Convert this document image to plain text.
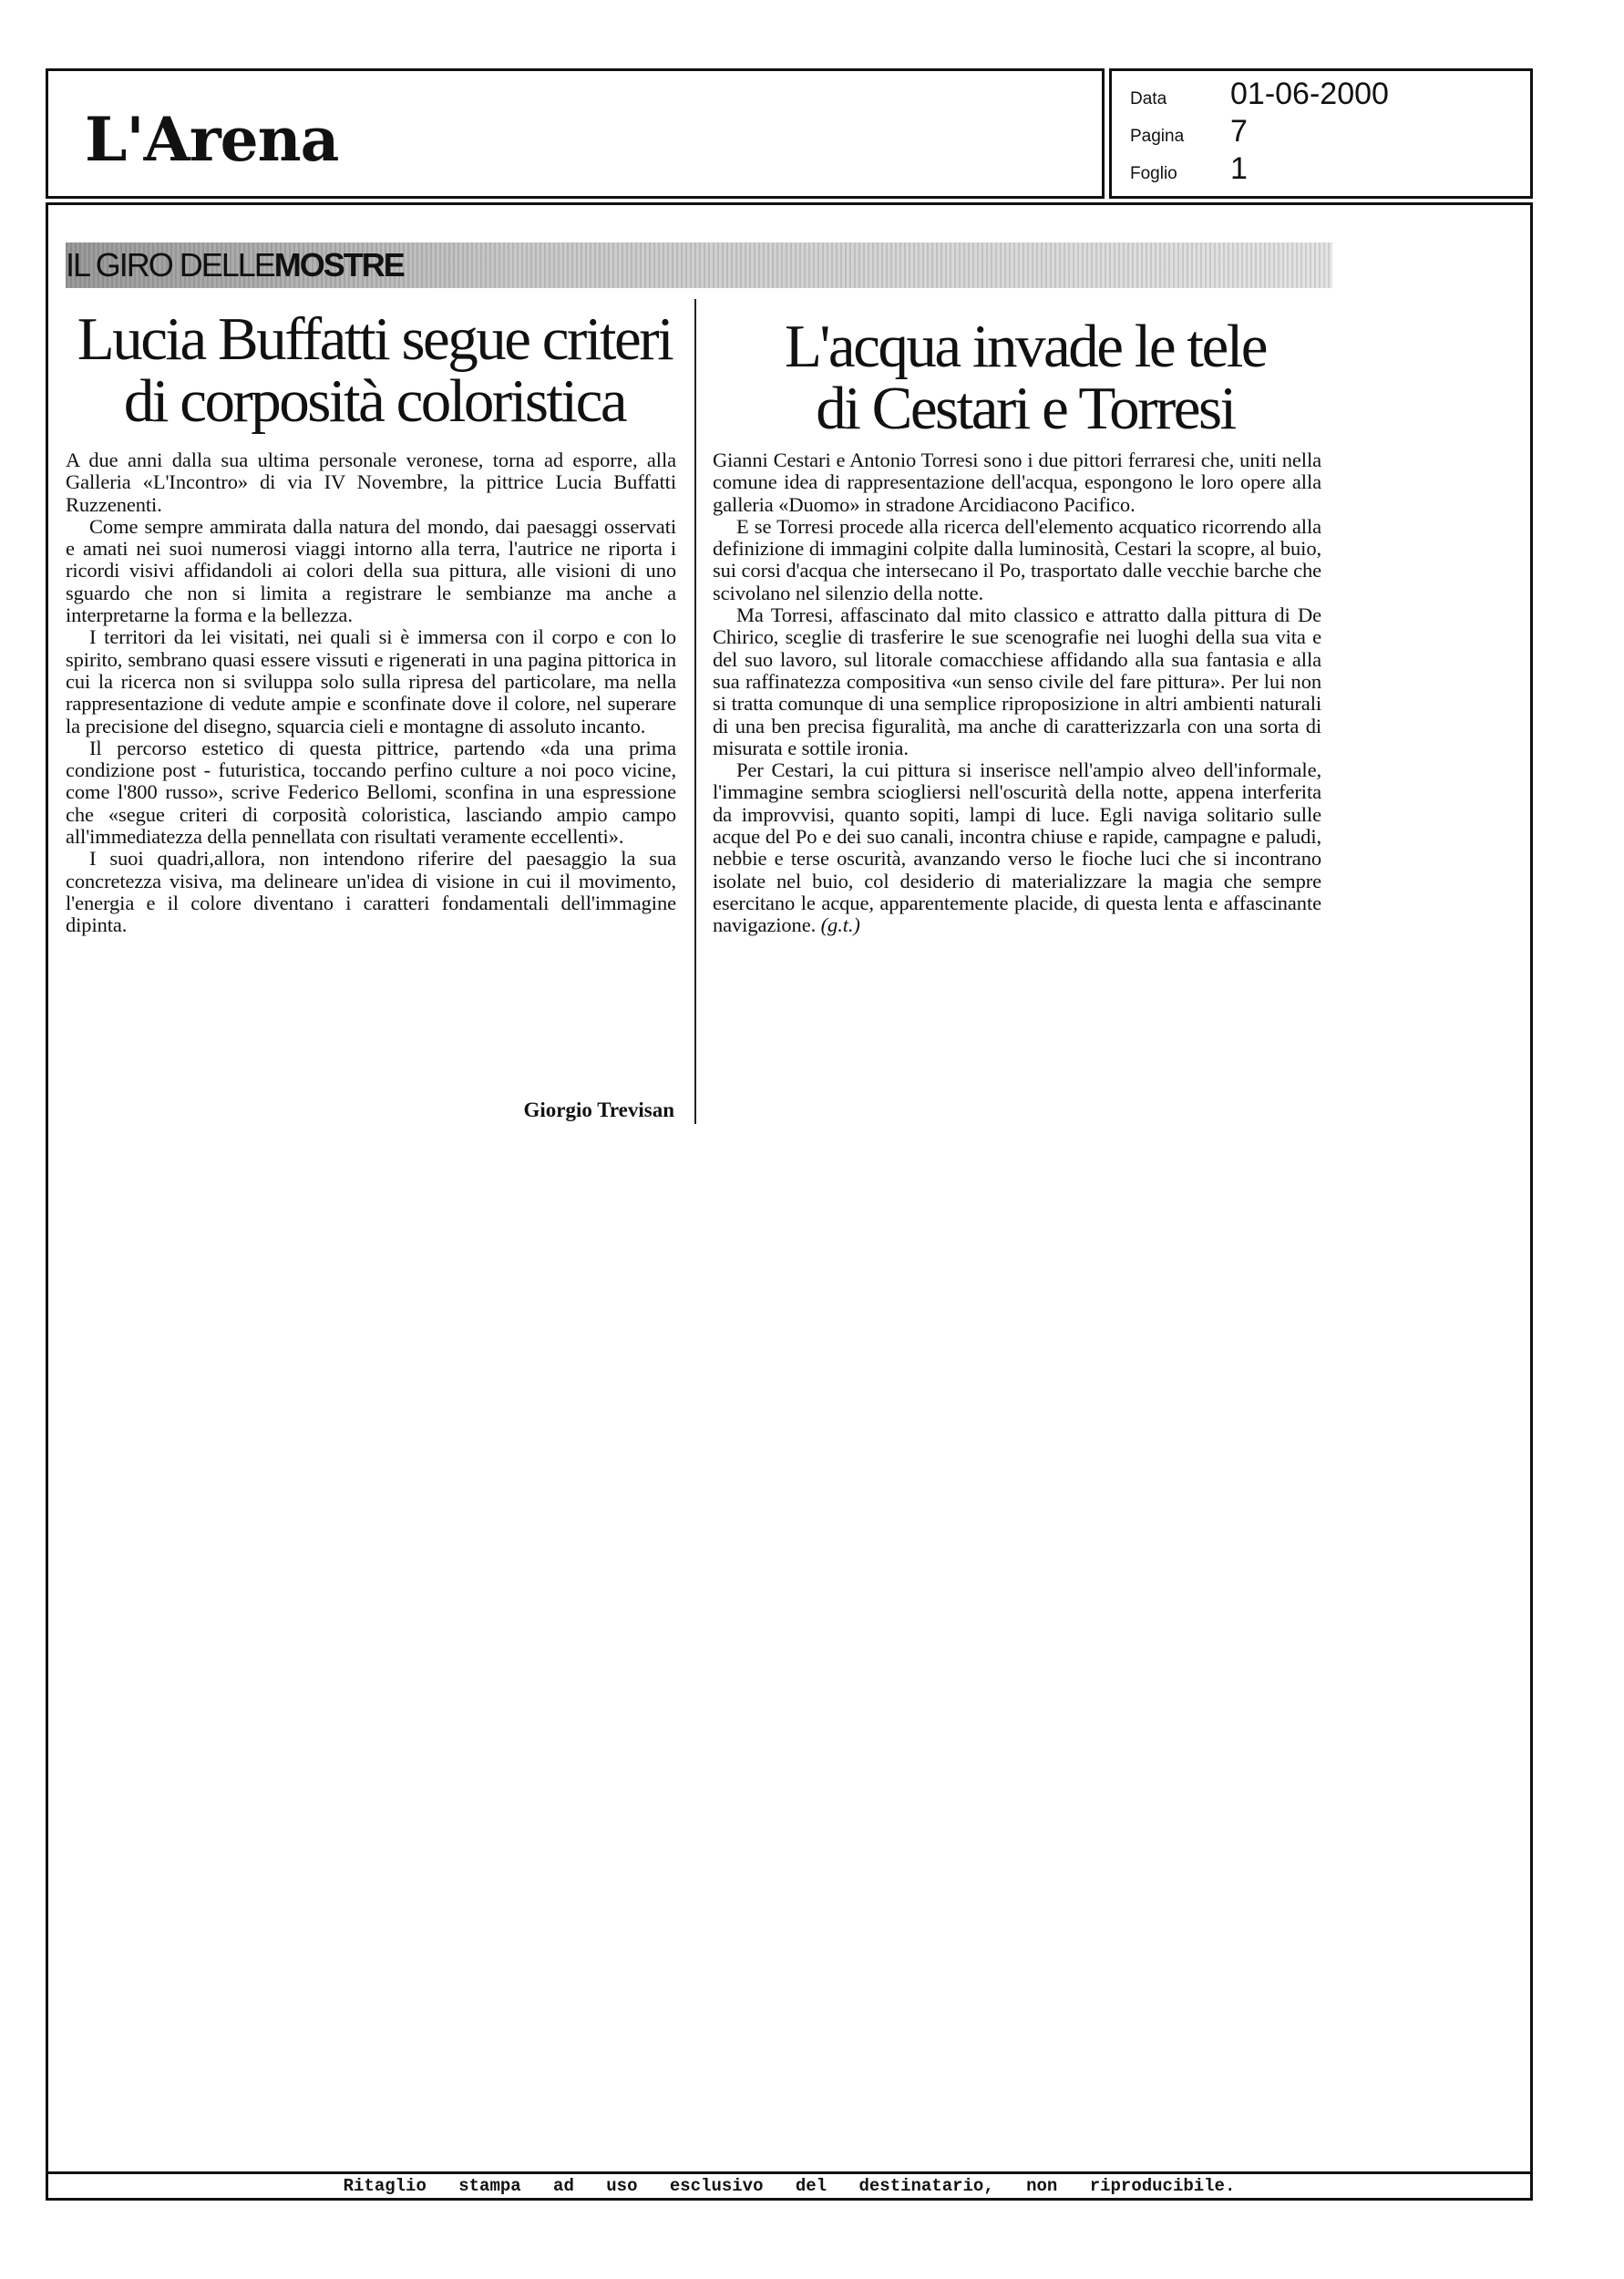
L'Arena
Data	01-06-2000
Pagina	7
Foglio	1
IL GIRO DELLE MOSTRE
Lucia Buffatti segue criteri
di corposità coloristica

A due anni dalla sua ultima personale veronese, torna ad esporre, alla Galleria «L'Incontro» di via IV Novembre, la pittrice Lucia Buffatti Ruzzenenti.

Come sempre ammirata dalla natura del mondo, dai paesaggi osservati e amati nei suoi numerosi viaggi intorno alla terra, l'autrice ne riporta i ricordi visivi affidandoli ai colori della sua pittura, alle visioni di uno sguardo che non si limita a registrare le sembianze ma anche a interpretarne la forma e la bellezza.

I territori da lei visitati, nei quali si è immersa con il corpo e con lo spirito, sembrano quasi essere vissuti e rigenerati in una pagina pittorica in cui la ricerca non si sviluppa solo sulla ripresa del particolare, ma nella rappresentazione di vedute ampie e sconfinate dove il colore, nel superare la precisione del disegno, squarcia cieli e montagne di assoluto incanto.

Il percorso estetico di questa pittrice, partendo «da una prima condizione post - futuristica, toccando perfino culture a noi poco vicine, come l'800 russo», scrive Federico Bellomi, sconfina in una espressione che «segue criteri di corposità coloristica, lasciando ampio campo all'immediatezza della pennellata con risultati veramente eccellenti».

I suoi quadri,allora, non intendono riferire del paesaggio la sua concretezza visiva, ma delineare un'idea di visione in cui il movimento, l'energia e il colore diventano i caratteri fondamentali dell'immagine dipinta.

Giorgio Trevisan
L'acqua invade le tele
di Cestari e Torresi

Gianni Cestari e Antonio Torresi sono i due pittori ferraresi che, uniti nella comune idea di rappresentazione dell'acqua, espongono le loro opere alla galleria «Duomo» in stradone Arcidiacono Pacifico.

E se Torresi procede alla ricerca dell'elemento acquatico ricorrendo alla definizione di immagini colpite dalla luminosità, Cestari la scopre, al buio, sui corsi d'acqua che intersecano il Po, trasportato dalle vecchie barche che scivolano nel silenzio della notte.

Ma Torresi, affascinato dal mito classico e attratto dalla pittura di De Chirico, sceglie di trasferire le sue scenografie nei luoghi della sua vita e del suo lavoro, sul litorale comacchiese affidando alla sua fantasia e alla sua raffinatezza compositiva «un senso civile del fare pittura». Per lui non si tratta comunque di una semplice riproposizione in altri ambienti naturali di una ben precisa figuralità, ma anche di caratterizzarla con una sorta di misurata e sottile ironia.

Per Cestari, la cui pittura si inserisce nell'ampio alveo dell'informale, l'immagine sembra sciogliersi nell'oscurità della notte, appena interferita da improvvisi, quanto sopiti, lampi di luce. Egli naviga solitario sulle acque del Po e dei suo canali, incontra chiuse e rapide, campagne e paludi, nebbie e terse oscurità, avanzando verso le fioche luci che si incontrano isolate nel buio, col desiderio di materializzare la magia che sempre esercitano le acque, apparentemente placide, di questa lenta e affascinante navigazione. (g.t.)

Ritaglio stampa ad uso esclusivo del destinatario, non riproducibile.
